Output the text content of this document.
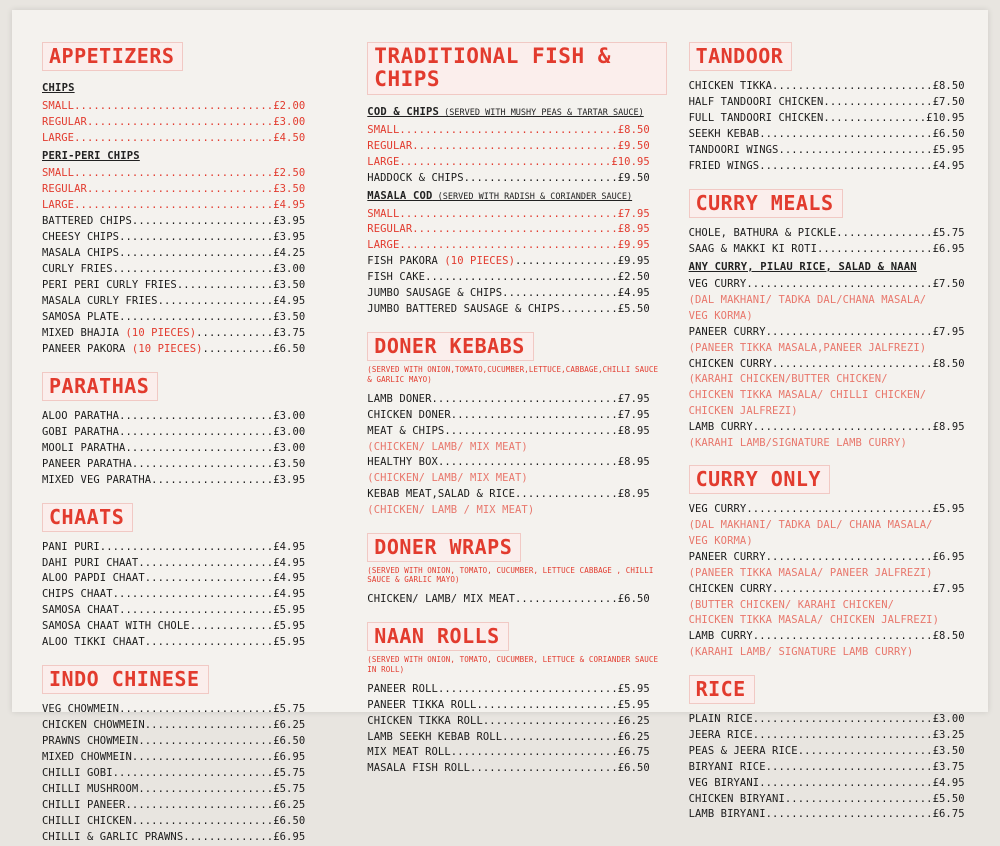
APPETIZERS
CHIPS
SMALL...............................£2.00
REGULAR.............................£3.00
LARGE...............................£4.50
PERI-PERI CHIPS
SMALL...............................£2.50
REGULAR.............................£3.50
LARGE...............................£4.95
BATTERED CHIPS......................£3.95
CHEESY CHIPS........................£3.95
MASALA CHIPS........................£4.25
CURLY FRIES.........................£3.00
PERI PERI CURLY FRIES...............£3.50
MASALA CURLY FRIES..................£4.95
SAMOSA PLATE........................£3.50
MIXED BHAJIA (10 PIECES)............£3.75
PANEER PAKORA (10 PIECES)...........£6.50
PARATHAS
ALOO PARATHA........................£3.00
GOBI PARATHA........................£3.00
MOOLI PARATHA.......................£3.00
PANEER PARATHA......................£3.50
MIXED VEG PARATHA...................£3.95
CHAATS
PANI PURI...........................£4.95
DAHI PURI CHAAT.....................£4.95
ALOO PAPDI CHAAT....................£4.95
CHIPS CHAAT.........................£4.95
SAMOSA CHAAT........................£5.95
SAMOSA CHAAT WITH CHOLE.............£5.95
ALOO TIKKI CHAAT....................£5.95
INDO CHINESE
VEG CHOWMEIN........................£5.75
CHICKEN CHOWMEIN....................£6.25
PRAWNS CHOWMEIN.....................£6.50
MIXED CHOWMEIN......................£6.95
CHILLI GOBI.........................£5.75
CHILLI MUSHROOM.....................£5.75
CHILLI PANEER.......................£6.25
CHILLI CHICKEN......................£6.50
CHILLI & GARLIC PRAWNS..............£6.95
TRADITIONAL FISH & CHIPS
COD & CHIPS (SERVED WITH MUSHY PEAS & TARTAR SAUCE)
SMALL..................................£8.50
REGULAR................................£9.50
LARGE.................................£10.95
HADDOCK & CHIPS........................£9.50
MASALA COD (SERVED WITH RADISH & CORIANDER SAUCE)
SMALL..................................£7.95
REGULAR................................£8.95
LARGE..................................£9.95
FISH PAKORA (10 PIECES)................£9.95
FISH CAKE..............................£2.50
JUMBO SAUSAGE & CHIPS..................£4.95
JUMBO BATTERED SAUSAGE & CHIPS.........£5.50
DONER KEBABS
(SERVED WITH ONION,TOMATO,CUCUMBER,LETTUCE,CABBAGE,CHILLI SAUCE & GARLIC MAYO)
LAMB DONER.............................£7.95
CHICKEN DONER..........................£7.95
MEAT & CHIPS...........................£8.95
(CHICKEN/ LAMB/ MIX MEAT)
HEALTHY BOX............................£8.95
(CHICKEN/ LAMB/ MIX MEAT)
KEBAB MEAT,SALAD & RICE................£8.95
(CHICKEN/ LAMB / MIX MEAT)
DONER WRAPS
(SERVED WITH ONION, TOMATO, CUCUMBER, LETTUCE CABBAGE , CHILLI SAUCE & GARLIC MAYO)
CHICKEN/ LAMB/ MIX MEAT................£6.50
NAAN ROLLS
(SERVED WITH ONION, TOMATO, CUCUMBER, LETTUCE & CORIANDER SAUCE IN ROLL)
PANEER ROLL............................£5.95
PANEER TIKKA ROLL......................£5.95
CHICKEN TIKKA ROLL.....................£6.25
LAMB SEEKH KEBAB ROLL..................£6.25
MIX MEAT ROLL..........................£6.75
MASALA FISH ROLL.......................£6.50
TANDOOR
CHICKEN TIKKA.........................£8.50
HALF TANDOORI CHICKEN.................£7.50
FULL TANDOORI CHICKEN................£10.95
SEEKH KEBAB...........................£6.50
TANDOORI WINGS........................£5.95
FRIED WINGS...........................£4.95
CURRY MEALS
CHOLE, BATHURA & PICKLE...............£5.75
SAAG & MAKKI KI ROTI..................£6.95
ANY CURRY, PILAU RICE, SALAD & NAAN
VEG CURRY.............................£7.50
(DAL MAKHANI/ TADKA DAL/CHANA MASALA/
VEG KORMA)
PANEER CURRY..........................£7.95
(PANEER TIKKA MASALA,PANEER JALFREZI)
CHICKEN CURRY.........................£8.50
(KARAHI CHICKEN/BUTTER CHICKEN/
CHICKEN TIKKA MASALA/ CHILLI CHICKEN/
CHICKEN JALFREZI)
LAMB CURRY............................£8.95
(KARAHI LAMB/SIGNATURE LAMB CURRY)
CURRY ONLY
VEG CURRY.............................£5.95
(DAL MAKHANI/ TADKA DAL/ CHANA MASALA/
VEG KORMA)
PANEER CURRY..........................£6.95
(PANEER TIKKA MASALA/ PANEER JALFREZI)
CHICKEN CURRY.........................£7.95
(BUTTER CHICKEN/ KARAHI CHICKEN/
CHICKEN TIKKA MASALA/ CHICKEN JALFREZI)
LAMB CURRY............................£8.50
(KARAHI LAMB/ SIGNATURE LAMB CURRY)
RICE
PLAIN RICE............................£3.00
JEERA RICE............................£3.25
PEAS & JEERA RICE.....................£3.50
BIRYANI RICE..........................£3.75
VEG BIRYANI...........................£4.95
CHICKEN BIRYANI.......................£5.50
LAMB BIRYANI..........................£6.75
